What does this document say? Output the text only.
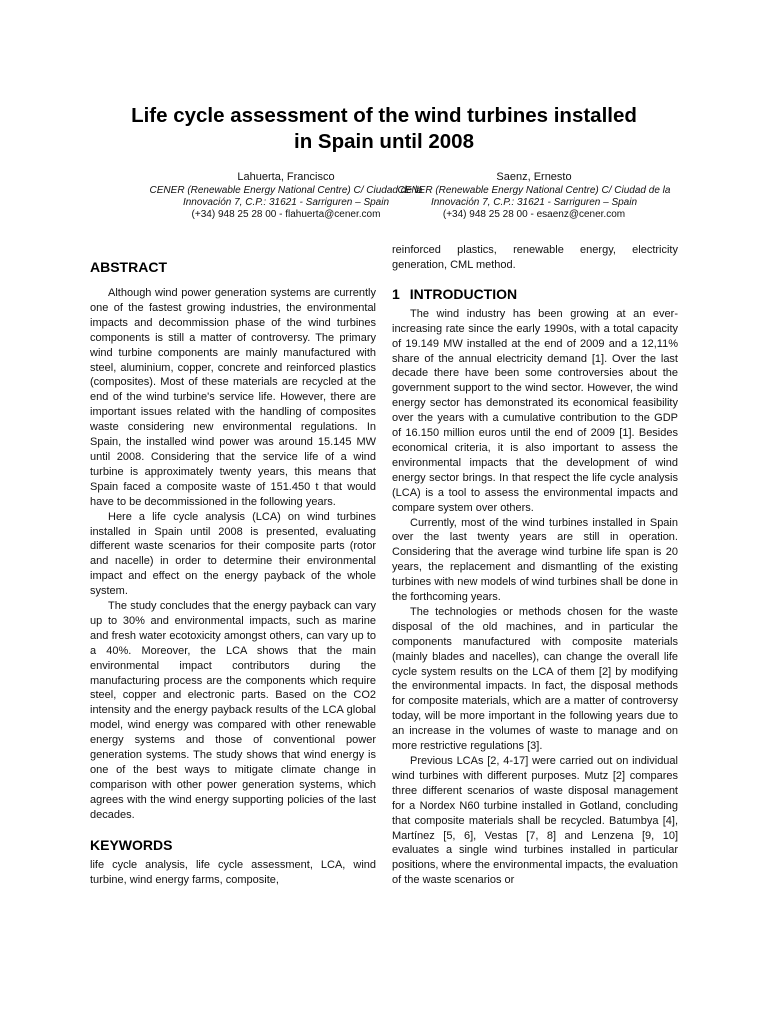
Life cycle assessment of the wind turbines installed
in Spain until 2008
Lahuerta, Francisco
CENER (Renewable Energy National Centre) C/ Ciudad de la
Innovación 7, C.P.: 31621 - Sarriguren – Spain
(+34) 948 25 28 00 - flahuerta@cener.com
Saenz, Ernesto
CENER (Renewable Energy National Centre) C/ Ciudad de la
Innovación 7, C.P.: 31621 - Sarriguren – Spain
(+34) 948 25 28 00 - esaenz@cener.com
ABSTRACT

Although wind power generation systems are currently one of the fastest growing industries, the environmental impacts and decommission phase of the wind turbines components is still a matter of controversy. The primary wind turbine components are mainly manufactured with steel, aluminium, copper, concrete and reinforced plastics (composites). Most of these materials are recycled at the end of the wind turbine's service life. However, there are important issues related with the handling of composites waste considering new environmental regulations. In Spain, the installed wind power was around 15.145 MW until 2008. Considering that the service life of a wind turbine is approximately twenty years, this means that Spain faced a composite waste of 151.450 t that would have to be decommissioned in the following years.

Here a life cycle analysis (LCA) on wind turbines installed in Spain until 2008 is presented, evaluating different waste scenarios for their composite parts (rotor and nacelle) in order to determine their environmental impact and effect on the energy payback of the whole system.

The study concludes that the energy payback can vary up to 30% and environmental impacts, such as marine and fresh water ecotoxicity amongst others, can vary up to a 40%. Moreover, the LCA shows that the main environmental impact contributors during the manufacturing process are the components which require steel, copper and electronic parts. Based on the CO2 intensity and the energy payback results of the LCA global model, wind energy was compared with other renewable energy systems and those of conventional power generation systems. The study shows that wind energy is one of the best ways to mitigate climate change in comparison with other power generation systems, which agrees with the wind energy supporting policies of the last decades.

KEYWORDS

life cycle analysis, life cycle assessment, LCA, wind turbine, wind energy farms, composite,

reinforced plastics, renewable energy, electricity generation, CML method.

1 INTRODUCTION

The wind industry has been growing at an ever-increasing rate since the early 1990s, with a total capacity of 19.149 MW installed at the end of 2009 and a 12,11% share of the annual electricity demand [1]. Over the last decade there have been some controversies about the government support to the wind sector. However, the wind energy sector has demonstrated its economical feasibility over the years with a cumulative contribution to the GDP of 16.150 million euros until the end of 2009 [1]. Besides economical criteria, it is also important to assess the environmental impacts that the development of wind energy sector brings. In that respect the life cycle analysis (LCA) is a tool to assess the environmental impacts and compare system over others.

Currently, most of the wind turbines installed in Spain over the last twenty years are still in operation. Considering that the average wind turbine life span is 20 years, the replacement and dismantling of the existing turbines with new models of wind turbines shall be done in the forthcoming years.

The technologies or methods chosen for the waste disposal of the old machines, and in particular the components manufactured with composite materials (mainly blades and nacelles), can change the overall life cycle system results on the LCA of them [2] by modifying the environmental impacts. In fact, the disposal methods for composite materials, which are a matter of controversy today, will be more important in the following years due to an increase in the volumes of waste to manage and on more restrictive regulations [3].

Previous LCAs [2, 4-17] were carried out on individual wind turbines with different purposes. Mutz [2] compares three different scenarios of waste disposal management for a Nordex N60 turbine installed in Gotland, concluding that composite materials shall be recycled. Batumbya [4], Martínez [5, 6], Vestas [7, 8] and Lenzena [9, 10] evaluates a single wind turbines installed in particular positions, where the environmental impacts, the evaluation of the waste scenarios or
